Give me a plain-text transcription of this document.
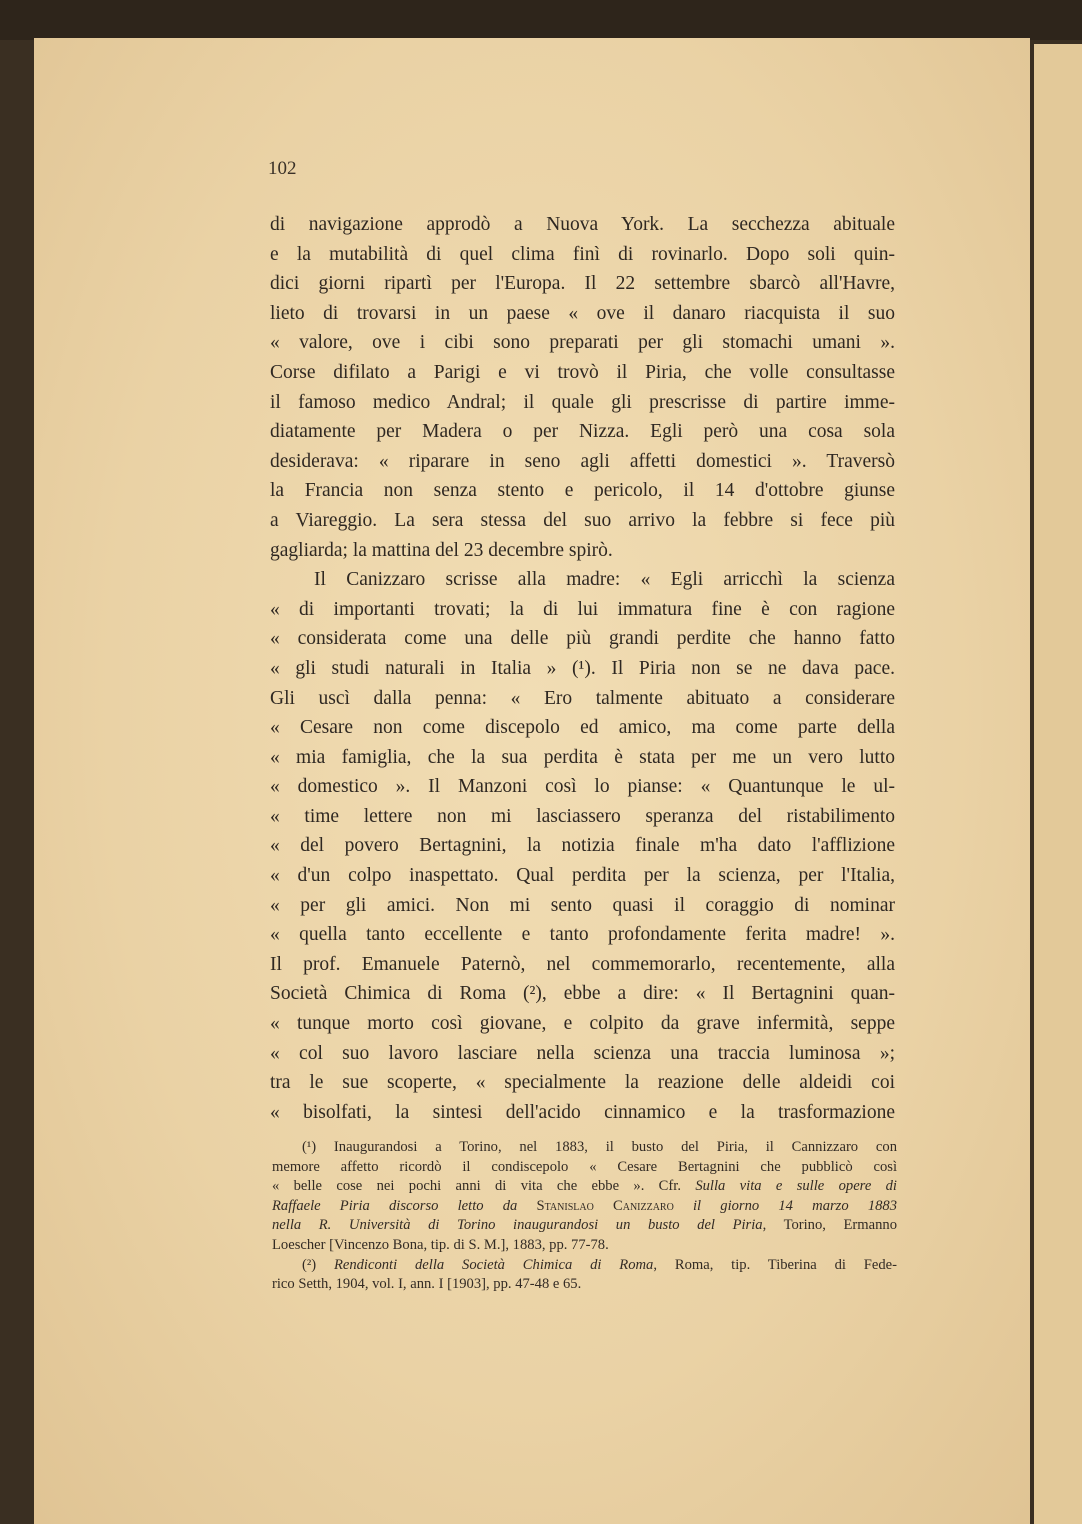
102
di navigazione approdò a Nuova York. La secchezza abituale
e la mutabilità di quel clima finì di rovinarlo. Dopo soli quin-
dici giorni ripartì per l'Europa. Il 22 settembre sbarcò all'Havre,
lieto di trovarsi in un paese « ove il danaro riacquista il suo
« valore, ove i cibi sono preparati per gli stomachi umani ».
Corse difilato a Parigi e vi trovò il Piria, che volle consultasse
il famoso medico Andral; il quale gli prescrisse di partire imme-
diatamente per Madera o per Nizza. Egli però una cosa sola
desiderava: « riparare in seno agli affetti domestici ». Traversò
la Francia non senza stento e pericolo, il 14 d'ottobre giunse
a Viareggio. La sera stessa del suo arrivo la febbre si fece più
gagliarda; la mattina del 23 decembre spirò.
Il Canizzaro scrisse alla madre: « Egli arricchì la scienza
« di importanti trovati; la di lui immatura fine è con ragione
« considerata come una delle più grandi perdite che hanno fatto
« gli studi naturali in Italia » (¹). Il Piria non se ne dava pace.
Gli uscì dalla penna: « Ero talmente abituato a considerare
« Cesare non come discepolo ed amico, ma come parte della
« mia famiglia, che la sua perdita è stata per me un vero lutto
« domestico ». Il Manzoni così lo pianse: « Quantunque le ul-
« time lettere non mi lasciassero speranza del ristabilimento
« del povero Bertagnini, la notizia finale m'ha dato l'afflizione
« d'un colpo inaspettato. Qual perdita per la scienza, per l'Italia,
« per gli amici. Non mi sento quasi il coraggio di nominar
« quella tanto eccellente e tanto profondamente ferita madre! ».
Il prof. Emanuele Paternò, nel commemorarlo, recentemente, alla
Società Chimica di Roma (²), ebbe a dire: « Il Bertagnini quan-
« tunque morto così giovane, e colpito da grave infermità, seppe
« col suo lavoro lasciare nella scienza una traccia luminosa »;
tra le sue scoperte, « specialmente la reazione delle aldeidi coi
« bisolfati, la sintesi dell'acido cinnamico e la trasformazione
(¹) Inaugurandosi a Torino, nel 1883, il busto del Piria, il Cannizzaro con
memore affetto ricordò il condiscepolo « Cesare Bertagnini che pubblicò così
« belle cose nei pochi anni di vita che ebbe ». Cfr. Sulla vita e sulle opere di
Raffaele Piria discorso letto da Stanislao Canizzaro il giorno 14 marzo 1883
nella R. Università di Torino inaugurandosi un busto del Piria, Torino, Ermanno
Loescher [Vincenzo Bona, tip. di S. M.], 1883, pp. 77-78.
(²) Rendiconti della Società Chimica di Roma, Roma, tip. Tiberina di Fede-
rico Setth, 1904, vol. I, ann. I [1903], pp. 47-48 e 65.
